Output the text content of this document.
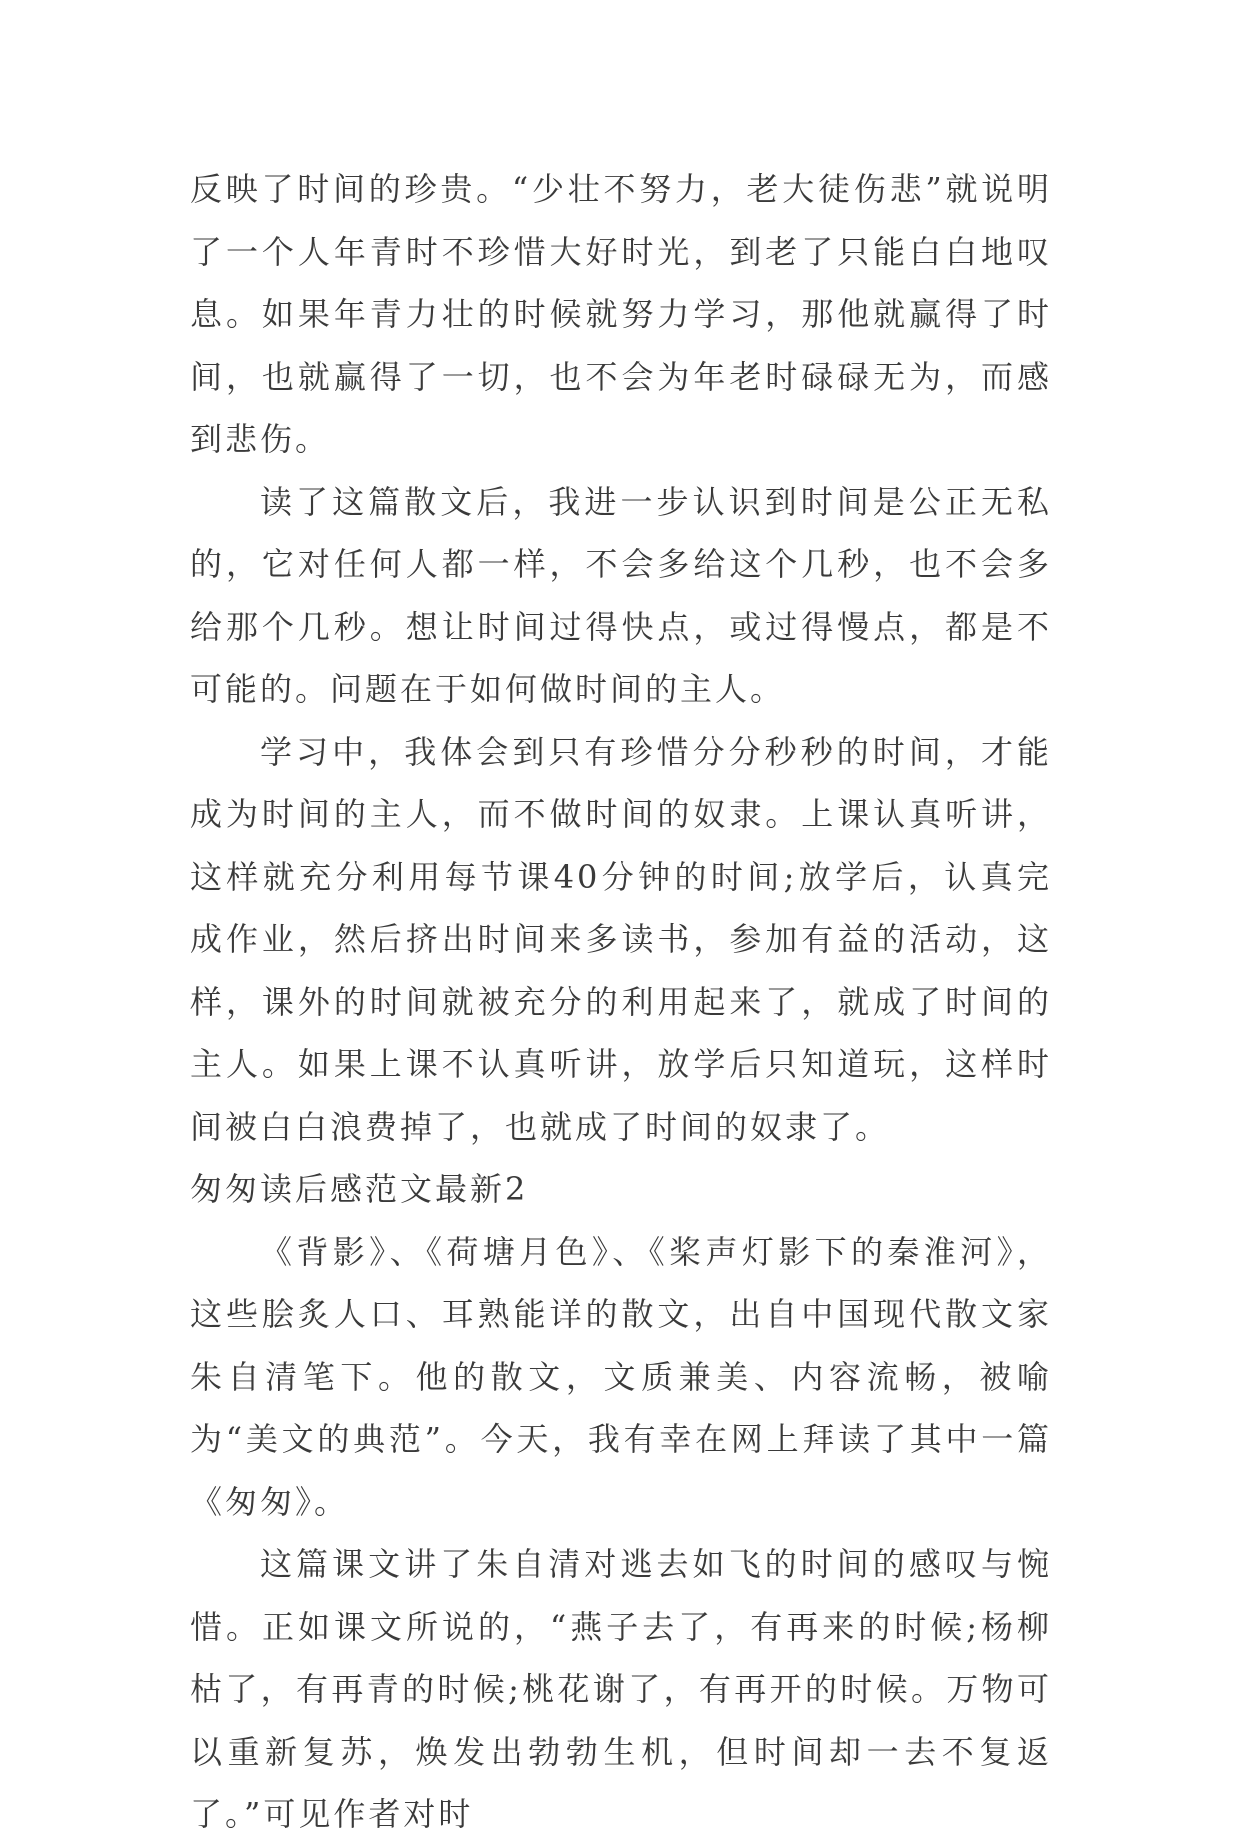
反映了时间的珍贵。“少壮不努力，老大徒伤悲”就说明了一个人年青时不珍惜大好时光，到老了只能白白地叹息。如果年青力壮的时候就努力学习，那他就赢得了时间，也就赢得了一切，也不会为年老时碌碌无为，而感到悲伤。

读了这篇散文后，我进一步认识到时间是公正无私的，它对任何人都一样，不会多给这个几秒，也不会多给那个几秒。想让时间过得快点，或过得慢点，都是不可能的。问题在于如何做时间的主人。

学习中，我体会到只有珍惜分分秒秒的时间，才能成为时间的主人，而不做时间的奴隶。上课认真听讲，这样就充分利用每节课40分钟的时间;放学后，认真完成作业，然后挤出时间来多读书，参加有益的活动，这样，课外的时间就被充分的利用起来了，就成了时间的主人。如果上课不认真听讲，放学后只知道玩，这样时间被白白浪费掉了，也就成了时间的奴隶了。

匆匆读后感范文最新2

《背影》、《荷塘月色》、《桨声灯影下的秦淮河》，这些脍炙人口、耳熟能详的散文，出自中国现代散文家朱自清笔下。他的散文，文质兼美、内容流畅，被喻为“美文的典范”。今天，我有幸在网上拜读了其中一篇《匆匆》。

这篇课文讲了朱自清对逃去如飞的时间的感叹与惋惜。正如课文所说的，“燕子去了，有再来的时候;杨柳枯了，有再青的时候;桃花谢了，有再开的时候。万物可以重新复苏，焕发出勃勃生机，但时间却一去不复返了。”可见作者对时
